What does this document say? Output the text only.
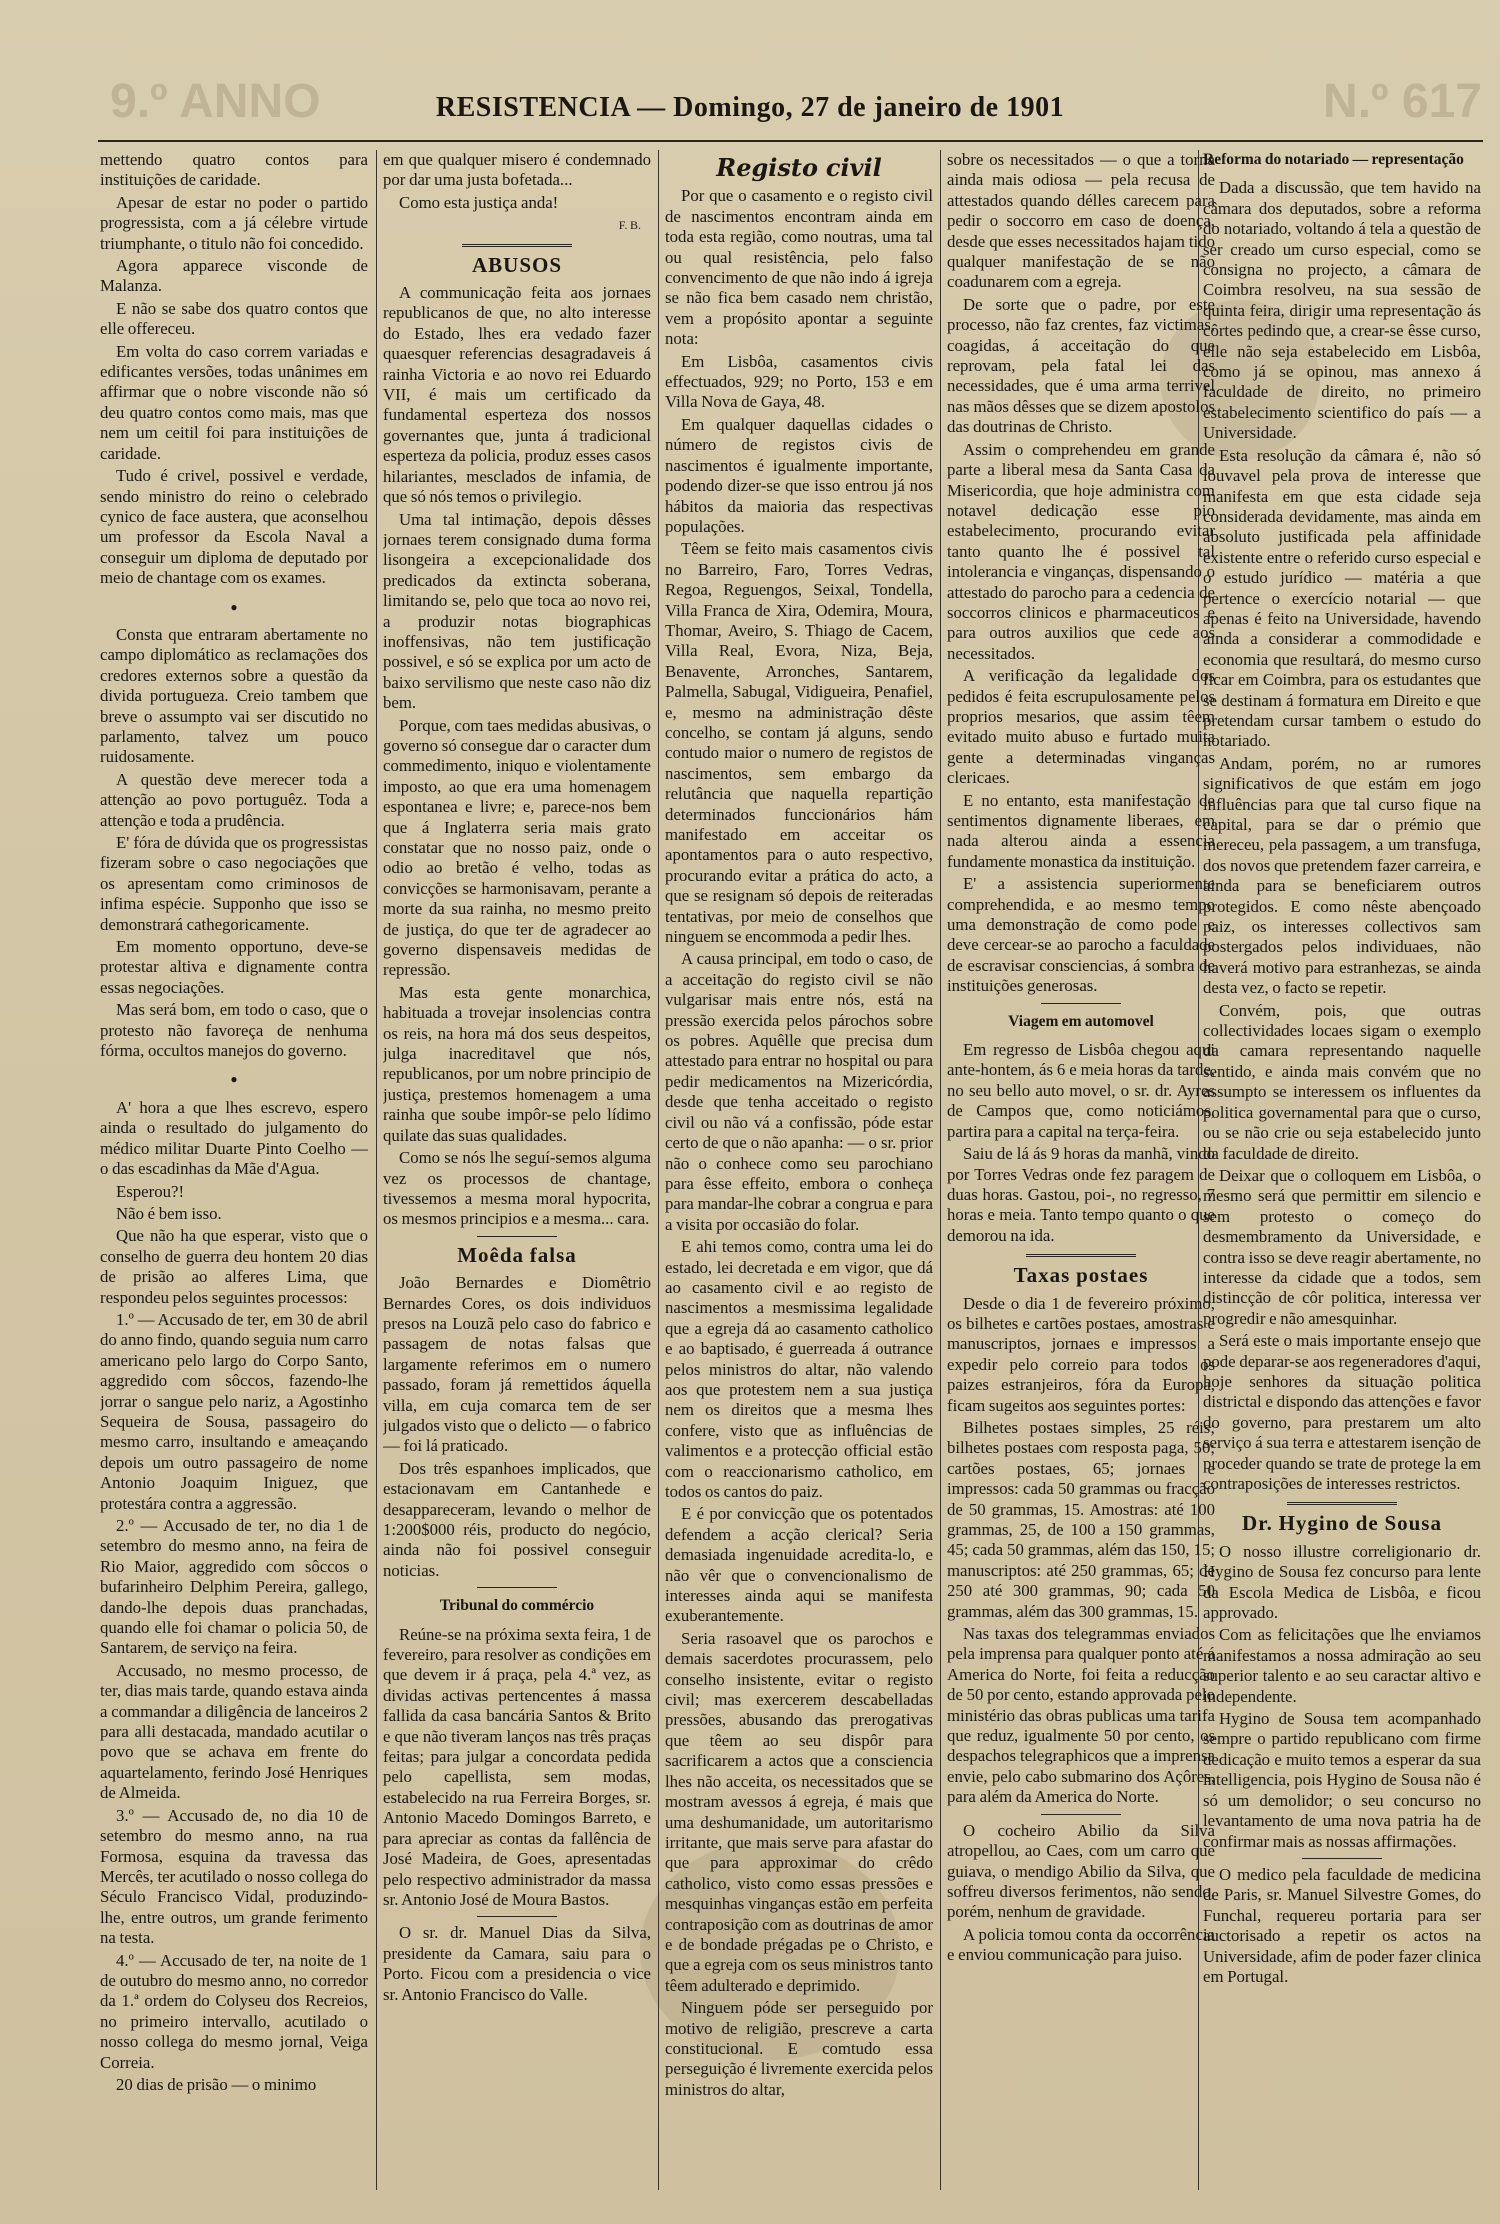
9.º ANNO	N.º 617
RESISTENCIA — Domingo, 27 de janeiro de 1901

mettendo quatro contos para instituições de caridade.

Apesar de estar no poder o partido progressista, com a já célebre virtude triumphante, o titulo não foi concedido.

Agora apparece visconde de Malanza.

E não se sabe dos quatro contos que elle offereceu.

Em volta do caso correm variadas e edificantes versões, todas unânimes em affirmar que o nobre visconde não só deu quatro contos como mais, mas que nem um ceitil foi para instituições de caridade.

Tudo é crivel, possivel e verdade, sendo ministro do reino o celebrado cynico de face austera, que aconselhou um professor da Escola Naval a conseguir um diploma de deputado por meio de chantage com os exames.

●

Consta que entraram abertamente no campo diplomático as reclamações dos credores externos sobre a questão da divida portugueza. Creio tambem que breve o assumpto vai ser discutido no parlamento, talvez um pouco ruidosamente.

A questão deve merecer toda a attenção ao povo portuguêz. Toda a attenção e toda a prudência.

E' fóra de dúvida que os progressistas fizeram sobre o caso negociações que os apresentam como criminosos de infima espécie. Supponho que isso se demonstrará cathegoricamente.

Em momento opportuno, deve-se protestar altiva e dignamente contra essas negociações.

Mas será bom, em todo o caso, que o protesto não favoreça de nenhuma fórma, occultos manejos do governo.

●

A' hora a que lhes escrevo, espero ainda o resultado do julgamento do médico militar Duarte Pinto Coelho — o das escadinhas da Mãe d'Agua.

Esperou?!

Não é bem isso.

Que não ha que esperar, visto que o conselho de guerra deu hontem 20 dias de prisão ao alferes Lima, que respondeu pelos seguintes processos:

1.º — Accusado de ter, em 30 de abril do anno findo, quando seguia num carro americano pelo largo do Corpo Santo, aggredido com sôccos, fazendo-lhe jorrar o sangue pelo nariz, a Agostinho Sequeira de Sousa, passageiro do mesmo carro, insultando e ameaçando depois um outro passageiro de nome Antonio Joaquim Iniguez, que protestára contra a aggressão.

2.º — Accusado de ter, no dia 1 de setembro do mesmo anno, na feira de Rio Maior, aggredido com sôccos o bufarinheiro Delphim Pereira, gallego, dando-lhe depois duas pranchadas, quando elle foi chamar o policia 50, de Santarem, de serviço na feira.

Accusado, no mesmo processo, de ter, dias mais tarde, quando estava ainda a commandar a diligência de lanceiros 2 para alli destacada, mandado acutilar o povo que se achava em frente do aquartelamento, ferindo José Henriques de Almeida.

3.º — Accusado de, no dia 10 de setembro do mesmo anno, na rua Formosa, esquina da travessa das Mercês, ter acutilado o nosso collega do Século Francisco Vidal, produzindo-lhe, entre outros, um grande ferimento na testa.

4.º — Accusado de ter, na noite de 1 de outubro do mesmo anno, no corredor da 1.ª ordem do Colyseu dos Recreios, no primeiro intervallo, acutilado o nosso collega do mesmo jornal, Veiga Correia.

20 dias de prisão — o minimo

em que qualquer misero é condemnado por dar uma justa bofetada...

Como esta justiça anda!

F. B.
ABUSOS

A communicação feita aos jornaes republicanos de que, no alto interesse do Estado, lhes era vedado fazer quaesquer referencias desagradaveis á rainha Victoria e ao novo rei Eduardo VII, é mais um certificado da fundamental esperteza dos nossos governantes que, junta á tradicional esperteza da policia, produz esses casos hilariantes, mesclados de infamia, de que só nós temos o privilegio.

Uma tal intimação, depois dêsses jornaes terem consignado duma forma lisongeira a excepcionalidade dos predicados da extincta soberana, limitando se, pelo que toca ao novo rei, a produzir notas biographicas inoffensivas, não tem justificação possivel, e só se explica por um acto de baixo servilismo que neste caso não diz bem.

Porque, com taes medidas abusivas, o governo só consegue dar o caracter dum commedimento, iniquo e violentamente imposto, ao que era uma homenagem espontanea e livre; e, parece-nos bem que á Inglaterra seria mais grato constatar que no nosso paiz, onde o odio ao bretão é velho, todas as convicções se harmonisavam, perante a morte da sua rainha, no mesmo preito de justiça, do que ter de agradecer ao governo dispensaveis medidas de repressão.

Mas esta gente monarchica, habituada a trovejar insolencias contra os reis, na hora má dos seus despeitos, julga inacreditavel que nós, republicanos, por um nobre principio de justiça, prestemos homenagem a uma rainha que soube impôr-se pelo lídimo quilate das suas qualidades.

Como se nós lhe seguí-semos alguma vez os processos de chantage, tivessemos a mesma moral hypocrita, os mesmos principios e a mesma... cara.

Moêda falsa

João Bernardes e Diomêtrio Bernardes Cores, os dois individuos presos na Louzã pelo caso do fabrico e passagem de notas falsas que largamente referimos em o numero passado, foram já remettidos áquella villa, em cuja comarca tem de ser julgados visto que o delicto — o fabrico — foi lá praticado.

Dos três espanhoes implicados, que estacionavam em Cantanhede e desappareceram, levando o melhor de 1:200$000 réis, producto do negócio, ainda não foi possivel conseguir noticias.

Tribunal do commércio

Reúne-se na próxima sexta feira, 1 de fevereiro, para resolver as condições em que devem ir á praça, pela 4.ª vez, as dividas activas pertencentes á massa fallida da casa bancária Santos & Brito e que não tiveram lanços nas três praças feitas; para julgar a concordata pedida pelo capellista, sem modas, estabelecido na rua Ferreira Borges, sr. Antonio Macedo Domingos Barreto, e para apreciar as contas da fallência de José Madeira, de Goes, apresentadas pelo respectivo administrador da massa sr. Antonio José de Moura Bastos.

O sr. dr. Manuel Dias da Silva, presidente da Camara, saiu para o Porto. Ficou com a presidencia o vice sr. Antonio Francisco do Valle.

Registo civil

Por que o casamento e o registo civil de nascimentos encontram ainda em toda esta região, como noutras, uma tal ou qual resistência, pelo falso convencimento de que não indo á igreja se não fica bem casado nem christão, vem a propósito apontar a seguinte nota:

Em Lisbôa, casamentos civis effectuados, 929; no Porto, 153 e em Villa Nova de Gaya, 48.

Em qualquer daquellas cidades o número de registos civis de nascimentos é igualmente importante, podendo dizer-se que isso entrou já nos hábitos da maioria das respectivas populações.

Têem se feito mais casamentos civis no Barreiro, Faro, Torres Vedras, Regoa, Reguengos, Seixal, Tondella, Villa Franca de Xira, Odemira, Moura, Thomar, Aveiro, S. Thiago de Cacem, Villa Real, Evora, Niza, Beja, Benavente, Arronches, Santarem, Palmella, Sabugal, Vidigueira, Penafiel, e, mesmo na administração dêste concelho, se contam já alguns, sendo contudo maior o numero de registos de nascimentos, sem embargo da relutância que naquella repartição determinados funccionários hám manifestado em acceitar os apontamentos para o auto respectivo, procurando evitar a prática do acto, a que se resignam só depois de reiteradas tentativas, por meio de conselhos que ninguem se encommoda a pedir lhes.

A causa principal, em todo o caso, de a acceitação do registo civil se não vulgarisar mais entre nós, está na pressão exercida pelos párochos sobre os pobres. Aquêlle que precisa dum attestado para entrar no hospital ou para pedir medicamentos na Mizericórdia, desde que tenha acceitado o registo civil ou não vá a confissão, póde estar certo de que o não apanha: — o sr. prior não o conhece como seu parochiano para êsse effeito, embora o conheça para mandar-lhe cobrar a congrua e para a visita por occasião do folar.

E ahi temos como, contra uma lei do estado, lei decretada e em vigor, que dá ao casamento civil e ao registo de nascimentos a mesmissima legalidade que a egreja dá ao casamento catholico e ao baptisado, é guerreada á outrance pelos ministros do altar, não valendo aos que protestem nem a sua justiça nem os direitos que a mesma lhes confere, visto que as influências de valimentos e a protecção official estão com o reaccionarismo catholico, em todos os cantos do paiz.

E é por convicção que os potentados defendem a acção clerical? Seria demasiada ingenuidade acredita-lo, e não vêr que o convencionalismo de interesses ainda aqui se manifesta exuberantemente.

Seria rasoavel que os parochos e demais sacerdotes procurassem, pelo conselho insistente, evitar o registo civil; mas exercerem descabelladas pressões, abusando das prerogativas que têem ao seu dispôr para sacrificarem a actos que a consciencia lhes não acceita, os necessitados que se mostram avessos á egreja, é mais que uma deshumanidade, um autoritarismo irritante, que mais serve para afastar do que para approximar do crêdo catholico, visto como essas pressões e mesquinhas vinganças estão em perfeita contraposição com as doutrinas de amor e de bondade prégadas pe o Christo, e que a egreja com os seus ministros tanto têem adulterado e deprimido.

Ninguem póde ser perseguido por motivo de religião, prescreve a carta constitucional. E comtudo essa perseguição é livremente exercida pelos ministros do altar,

sobre os necessitados — o que a torna ainda mais odiosa — pela recusa de attestados quando délles carecem para pedir o soccorro em caso de doença, desde que esses necessitados hajam tido qualquer manifestação de se não coadunarem com a egreja.

De sorte que o padre, por este processo, não faz crentes, faz victimas, coagidas, á acceitação do que reprovam, pela fatal lei das necessidades, que é uma arma terrivel nas mãos dêsses que se dizem apostolos das doutrinas de Christo.

Assim o comprehendeu em grande parte a liberal mesa da Santa Casa da Misericordia, que hoje administra com notavel dedicação esse pio estabelecimento, procurando evitar tanto quanto lhe é possivel tal intolerancia e vinganças, dispensando o attestado do parocho para a cedencia de soccorros clinicos e pharmaceuticos e para outros auxilios que cede aos necessitados.

A verificação da legalidade dos pedidos é feita escrupulosamente pelos proprios mesarios, que assim têem evitado muito abuso e furtado muita gente a determinadas vinganças clericaes.

E no entanto, esta manifestação de sentimentos dignamente liberaes, em nada alterou ainda a essencia fundamente monastica da instituição.

E' a assistencia superiormente comprehendida, e ao mesmo tempo uma demonstração de como pode e deve cercear-se ao parocho a faculdade de escravisar consciencias, á sombra de instituições generosas.

Viagem em automovel

Em regresso de Lisbôa chegou aqui ante-hontem, ás 6 e meia horas da tarde, no seu bello auto movel, o sr. dr. Ayres de Campos que, como noticiámos, partira para a capital na terça-feira.

Saiu de lá ás 9 horas da manhã, vindo por Torres Vedras onde fez paragem de duas horas. Gastou, poi-, no regresso, 7 horas e meia. Tanto tempo quanto o que demorou na ida.

Taxas postaes

Desde o dia 1 de fevereiro próximo, os bilhetes e cartões postaes, amostras e manuscriptos, jornaes e impressos a expedir pelo correio para todos os paizes estranjeiros, fóra da Europa, ficam sugeitos aos seguintes portes:

Bilhetes postaes simples, 25 réis; bilhetes postaes com resposta paga, 50; cartões postaes, 65; jornaes e impressos: cada 50 grammas ou fracção de 50 grammas, 15. Amostras: até 100 grammas, 25, de 100 a 150 grammas, 45; cada 50 grammas, além das 150, 15; manuscriptos: até 250 grammas, 65; de 250 até 300 grammas, 90; cada 50 grammas, além das 300 grammas, 15.

Nas taxas dos telegrammas enviados pela imprensa para qualquer ponto até á America do Norte, foi feita a reducção de 50 por cento, estando approvada pelo ministério das obras publicas uma tarifa que reduz, igualmente 50 por cento, os despachos telegraphicos que a imprensa envie, pelo cabo submarino dos Açôres, para além da America do Norte.

O cocheiro Abilio da Silva atropellou, ao Caes, com um carro que guiava, o mendigo Abilio da Silva, que soffreu diversos ferimentos, não sendo, porém, nenhum de gravidade.

A policia tomou conta da occorrência e enviou communicação para juiso.

Reforma do notariado — representação

Dada a discussão, que tem havido na câmara dos deputados, sobre a reforma do notariado, voltando á tela a questão de ser creado um curso especial, como se consigna no projecto, a câmara de Coimbra resolveu, na sua sessão de quinta feira, dirigir uma representação ás côrtes pedindo que, a crear-se êsse curso, elle não seja estabelecido em Lisbôa, como já se opinou, mas annexo á faculdade de direito, no primeiro estabelecimento scientifico do país — a Universidade.

Esta resolução da câmara é, não só louvavel pela prova de interesse que manifesta em que esta cidade seja considerada devidamente, mas ainda em absoluto justificada pela affinidade existente entre o referido curso especial e o estudo jurídico — matéria a que pertence o exercício notarial — que apenas é feito na Universidade, havendo ainda a considerar a commodidade e economia que resultará, do mesmo curso ficar em Coimbra, para os estudantes que se destinam á formatura em Direito e que pretendam cursar tambem o estudo do notariado.

Andam, porém, no ar rumores significativos de que estám em jogo influências para que tal curso fique na capital, para se dar o prémio que mereceu, pela passagem, a um transfuga, dos novos que pretendem fazer carreira, e ainda para se beneficiarem outros protegidos. E como nêste abençoado paiz, os interesses collectivos sam postergados pelos individuaes, não haverá motivo para estranhezas, se ainda desta vez, o facto se repetir.

Convém, pois, que outras collectividades locaes sigam o exemplo da camara representando naquelle sentido, e ainda mais convém que no assumpto se interessem os influentes da politica governamental para que o curso, ou se não crie ou seja estabelecido junto da faculdade de direito.

Deixar que o colloquem em Lisbôa, o mesmo será que permittir em silencio e sem protesto o começo do desmembramento da Universidade, e contra isso se deve reagir abertamente, no interesse da cidade que a todos, sem distincção de côr politica, interessa ver progredir e não amesquinhar.

Será este o mais importante ensejo que pode deparar-se aos regeneradores d'aqui, hoje senhores da situação politica districtal e dispondo das attenções e favor do governo, para prestarem um alto serviço á sua terra e attestarem isenção de proceder quando se trate de protege la em contraposições de interesses restrictos.

Dr. Hygino de Sousa

O nosso illustre correligionario dr. Hygino de Sousa fez concurso para lente da Escola Medica de Lisbôa, e ficou approvado.

Com as felicitações que lhe enviamos manifestamos a nossa admiração ao seu superior talento e ao seu caractar altivo e independente.

Hygino de Sousa tem acompanhado sempre o partido republicano com firme dedicação e muito temos a esperar da sua intelligencia, pois Hygino de Sousa não é só um demolidor; o seu concurso no levantamento de uma nova patria ha de confirmar mais as nossas affirmações.

O medico pela faculdade de medicina de Paris, sr. Manuel Silvestre Gomes, do Funchal, requereu portaria para ser auctorisado a repetir os actos na Universidade, afim de poder fazer clinica em Portugal.
